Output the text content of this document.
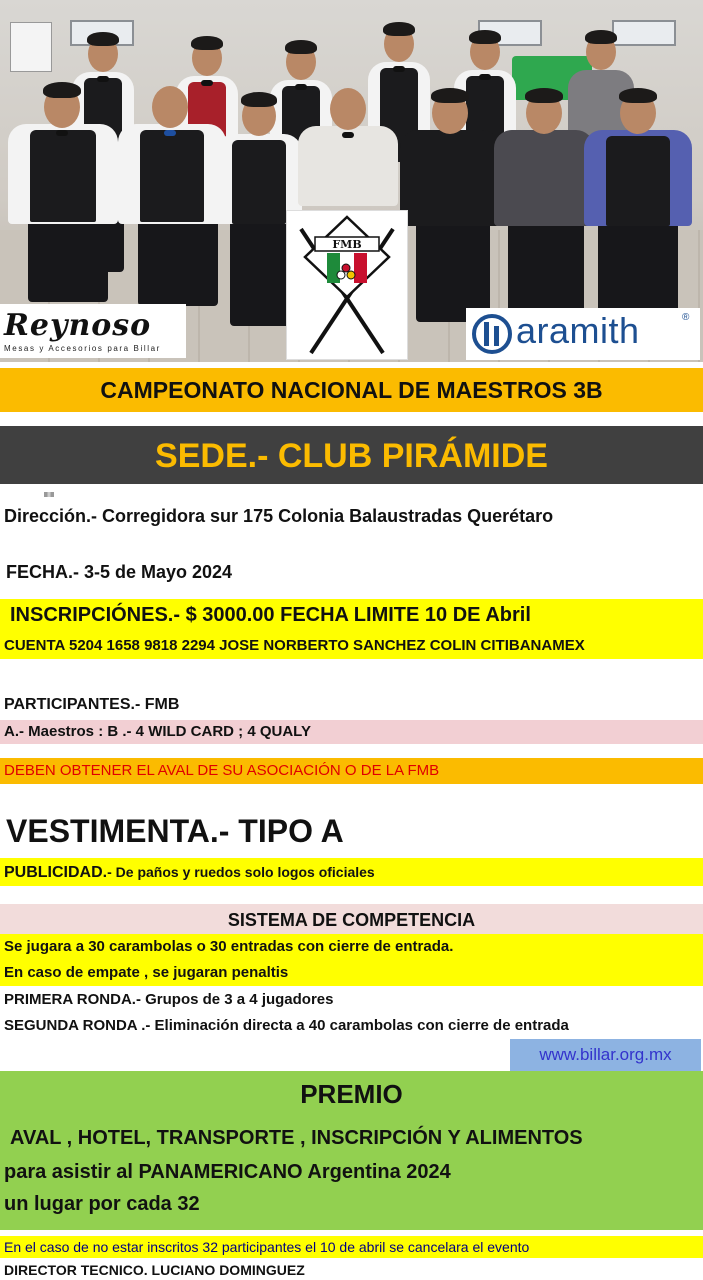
Reynoso
Mesas y Accesorios para Billar
FMB
aramith	®
CAMPEONATO NACIONAL DE MAESTROS 3B
SEDE.- CLUB PIRÁMIDE
Dirección.- Corregidora sur 175 Colonia Balaustradas Querétaro
FECHA.- 3-5 de Mayo 2024
INSCRIPCIÓNES.- $ 3000.00 FECHA LIMITE 10 DE Abril
CUENTA 5204 1658 9818 2294 JOSE NORBERTO SANCHEZ COLIN CITIBANAMEX
PARTICIPANTES.- FMB
A.- Maestros : B .- 4 WILD CARD ; 4 QUALY
DEBEN OBTENER EL AVAL DE SU ASOCIACIÓN O DE LA FMB
VESTIMENTA.- TIPO A
PUBLICIDAD.- De paños y ruedos solo logos oficiales
SISTEMA DE COMPETENCIA
Se jugara a 30 carambolas o 30 entradas con cierre de entrada.
En caso de empate , se jugaran penaltis
PRIMERA RONDA.- Grupos de 3 a 4 jugadores
SEGUNDA RONDA .- Eliminación directa a 40 carambolas con cierre de entrada
www.billar.org.mx
PREMIO
AVAL , HOTEL, TRANSPORTE , INSCRIPCIÓN Y ALIMENTOS
para asistir al PANAMERICANO Argentina 2024
un lugar por cada 32
En el caso de no estar inscritos 32 participantes el 10 de abril se cancelara el evento
DIRECTOR TECNICO. LUCIANO DOMINGUEZ
